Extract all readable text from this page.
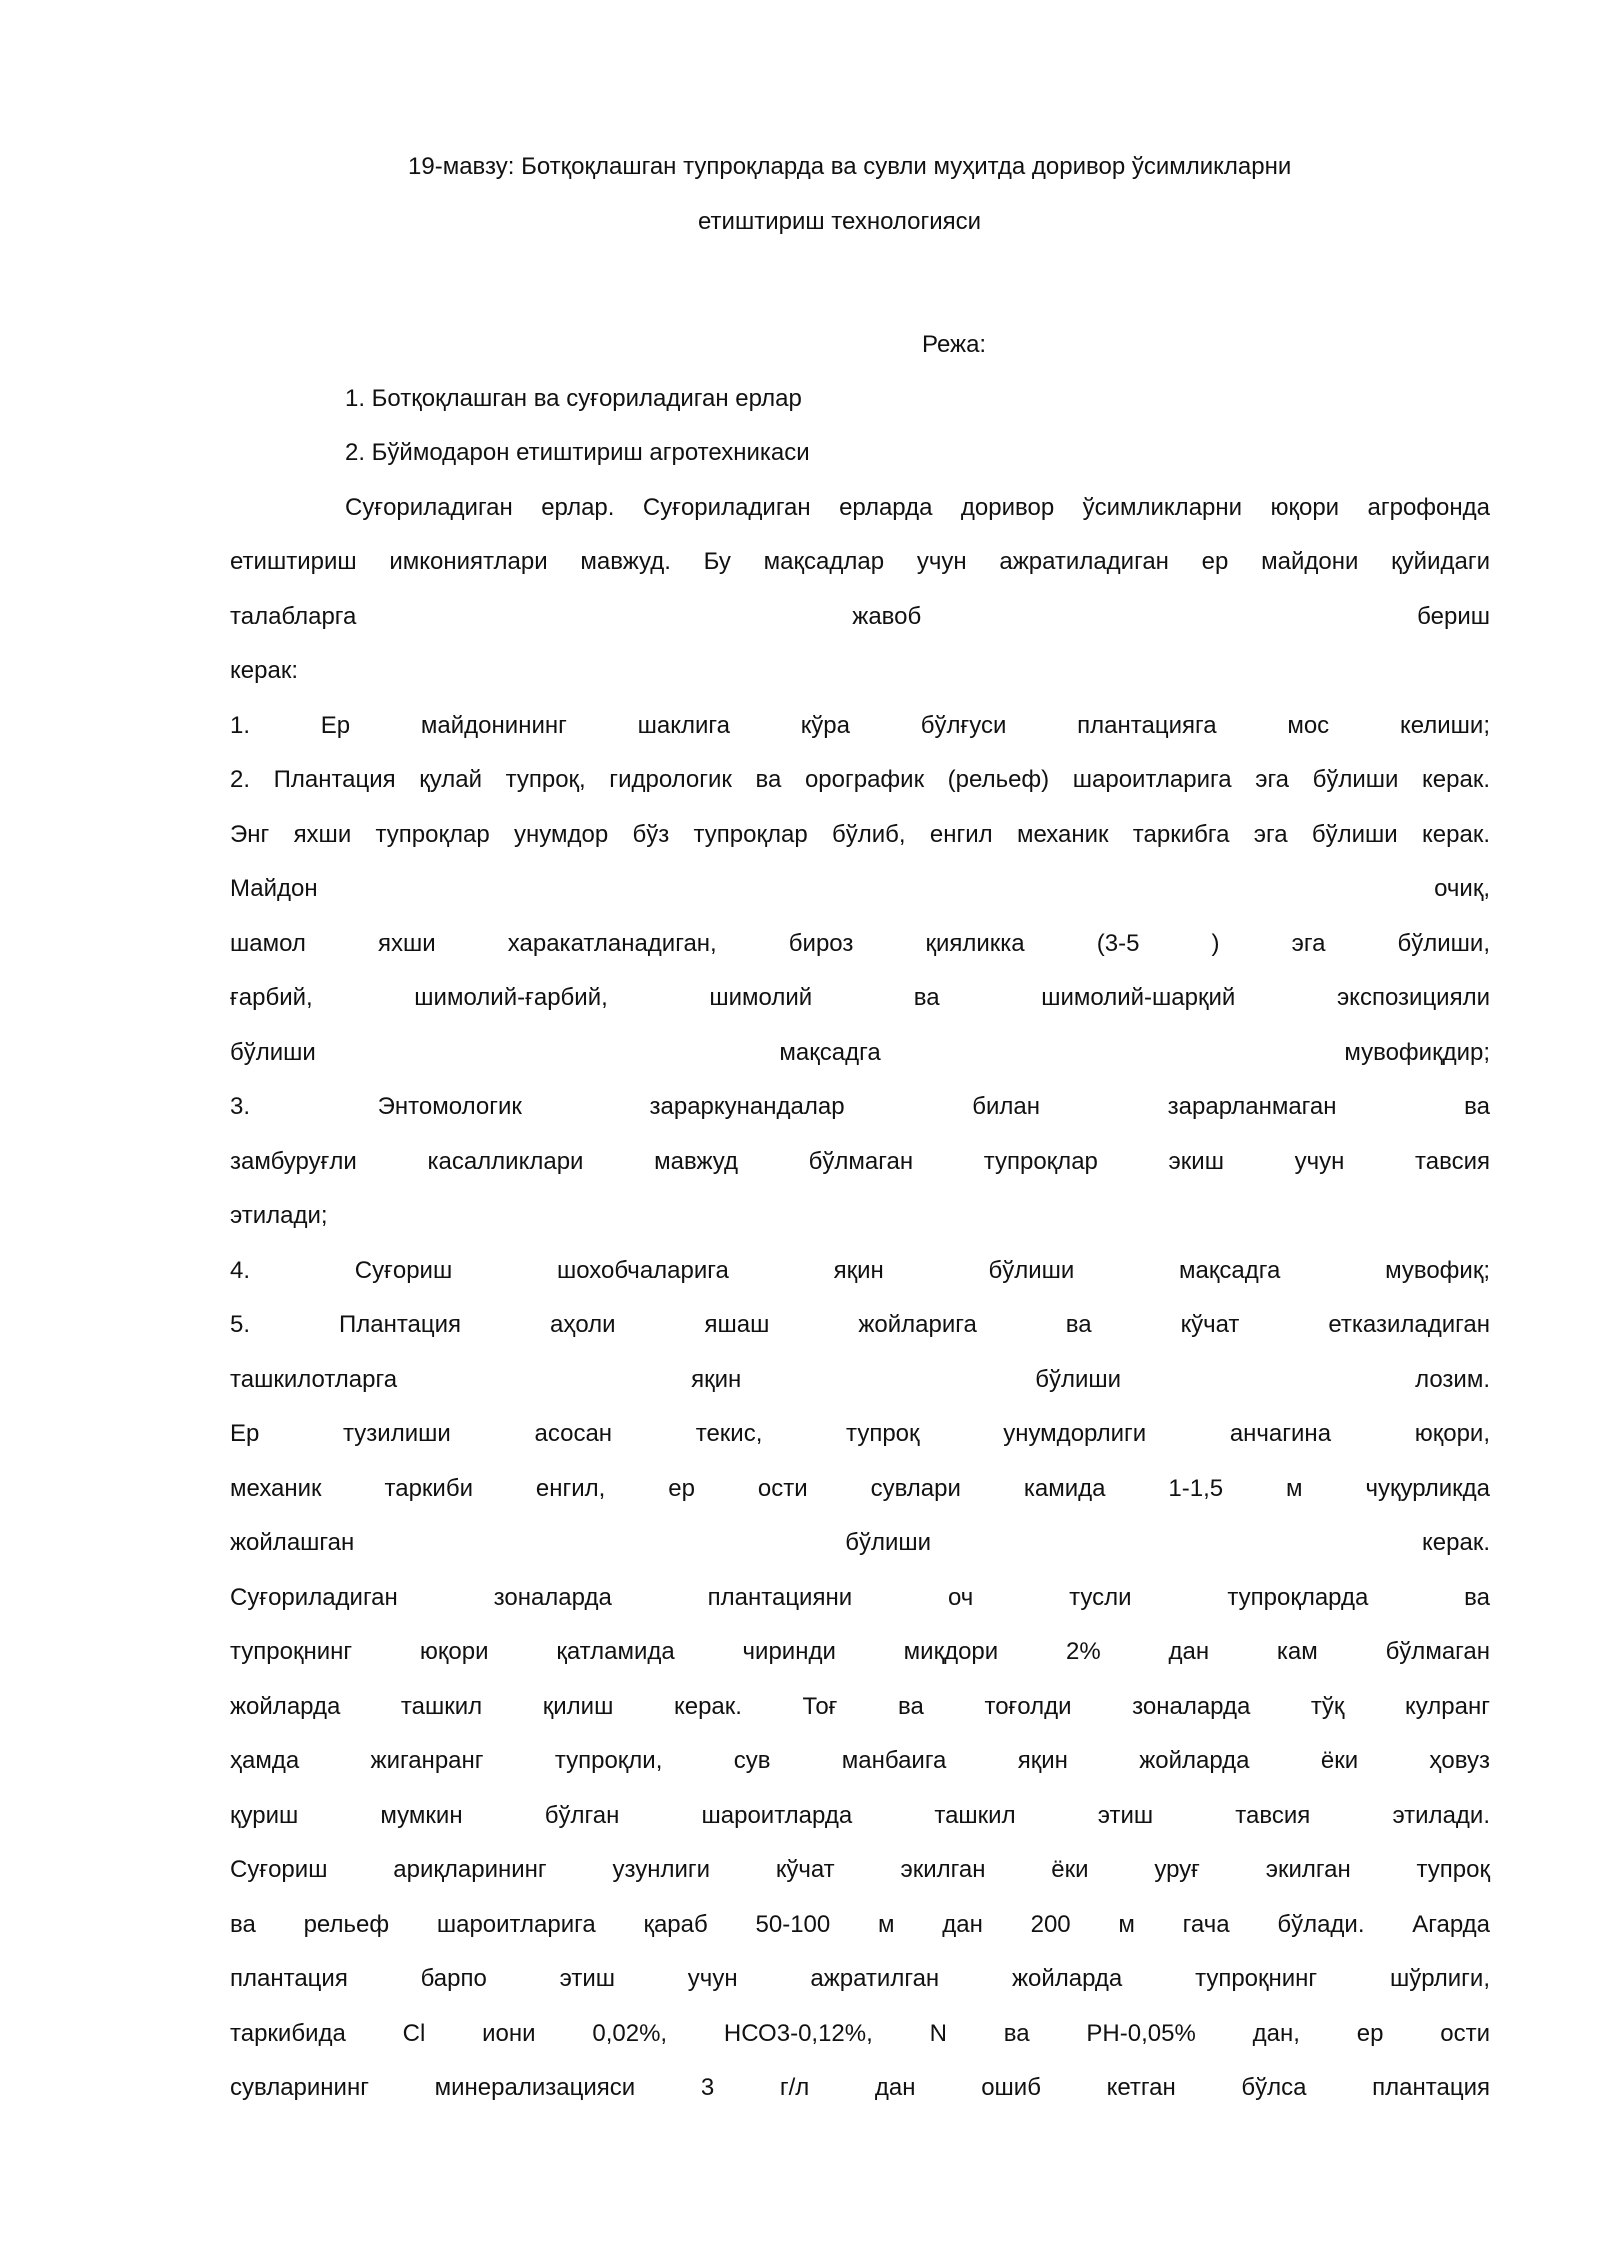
19-мавзу: Ботқоқлашган тупроқларда ва сувли муҳитда доривор ўсимликларни

етиштириш технологияси

Режа:

1. Ботқоқлашган ва суғориладиган ерлар

2. Бўймодарон етиштириш агротехникаси

Суғориладиган ерлар. Суғориладиган ерларда доривор ўсимликларни юқори агрофонда

етиштириш имкониятлари мавжуд. Бу мақсадлар учун ажратиладиган ер майдони қуйидаги

талабларга жавоб бериш

керак:

1. Ер майдонининг шаклига кўра бўлғуси плантацияга мос келиши;

2. Плантация қулай тупроқ, гидрологик ва орографик (рельеф) шароитларига эга бўлиши керак.

Энг яхши тупроқлар унумдор бўз тупроқлар бўлиб, енгил механик таркибга эга бўлиши керак.

Майдон очиқ,

шамол яхши харакатланадиган, бироз қияликка (3-5 ) эга бўлиши,

ғарбий, шимолий-ғарбий, шимолий ва шимолий-шарқий экспозицияли

бўлиши мақсадга мувофиқдир;

3. Энтомологик зараркунандалар билан зарарланмаган ва

замбуруғли касалликлари мавжуд бўлмаган тупроқлар экиш учун тавсия

этилади;

4. Суғориш шохобчаларига яқин бўлиши мақсадга мувофиқ;

5. Плантация аҳоли яшаш жойларига ва кўчат етказиладиган

ташкилотларга яқин бўлиши лозим.

Ер тузилиши асосан текис, тупроқ унумдорлиги анчагина юқори,

механик таркиби енгил, ер ости сувлари камида 1-1,5 м чуқурликда

жойлашган бўлиши керак.

Суғориладиган зоналарда плантацияни оч тусли тупроқларда ва

тупроқнинг юқори қатламида чиринди миқдори 2% дан кам бўлмаган

жойларда ташкил қилиш керак. Тоғ ва тоғолди зоналарда тўқ кулранг

ҳамда жиганранг тупроқли, сув манбаига яқин жойларда ёки ҳовуз

қуриш мумкин бўлган шароитларда ташкил этиш тавсия этилади.

Суғориш ариқларининг узунлиги кўчат экилган ёки уруғ экилган тупроқ

ва рельеф шароитларига қараб 50-100 м дан 200 м гача бўлади. Агарда

плантация барпо этиш учун ажратилган жойларда тупроқнинг шўрлиги,

таркибида Cl иони 0,02%, НСО3-0,12%, N ва РН-0,05% дан, ер ости

сувларининг минерализацияси 3 г/л дан ошиб кетган бўлса плантация
